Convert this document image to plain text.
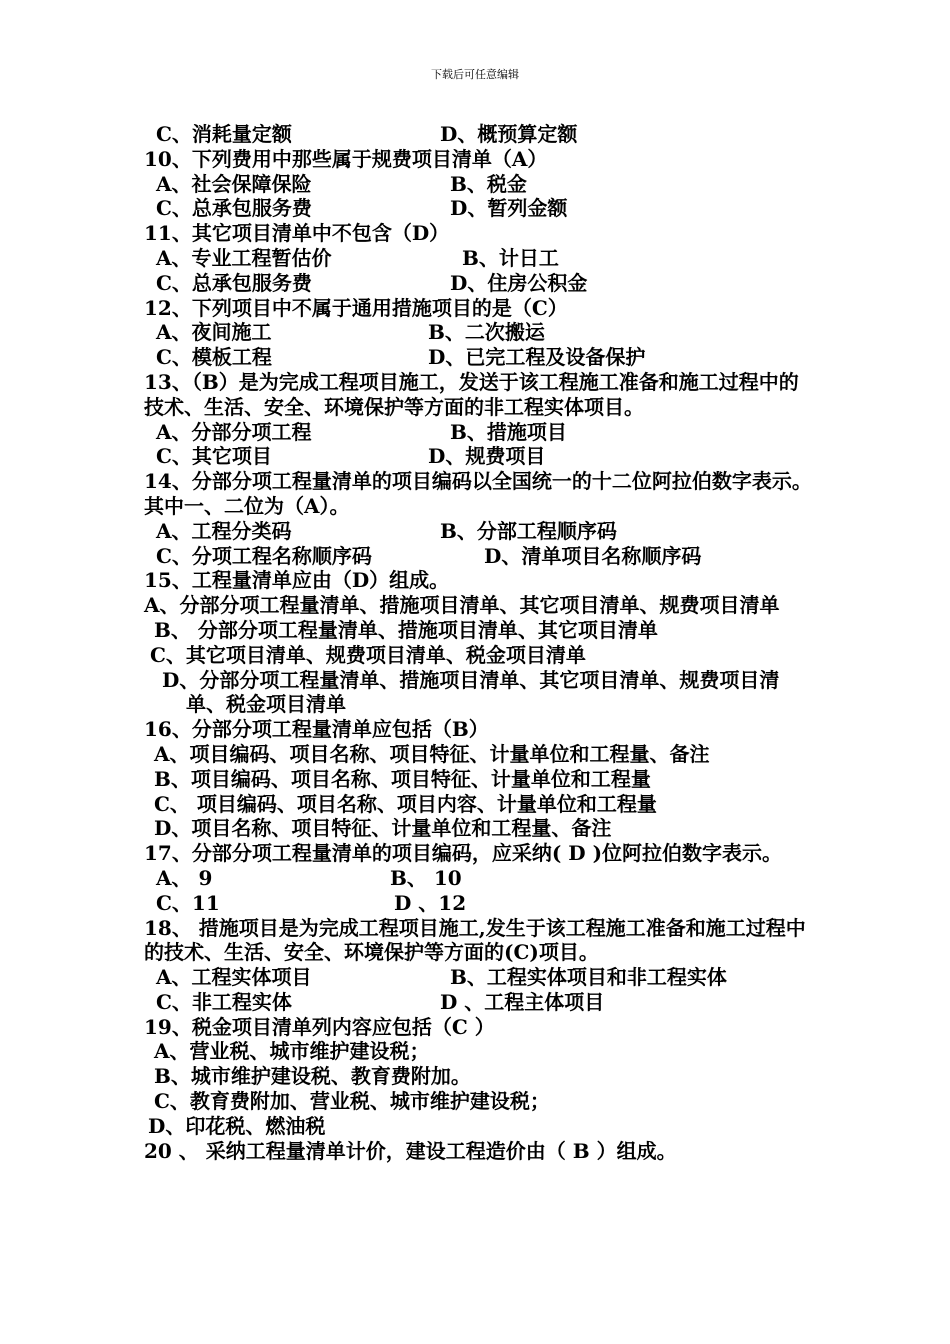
下载后可任意编辑
C、消耗量定额	D、概预算定额
10、下列费用中那些属于规费项目清单（A）
A、社会保障保险	B、税金
C、总承包服务费	D、暂列金额
11、其它项目清单中不包含（D）
A、专业工程暂估价	B、计日工
C、总承包服务费	D、住房公积金
12、下列项目中不属于通用措施项目的是（C）
A、夜间施工	B、二次搬运
C、模板工程	D、已完工程及设备保护
13、（B）是为完成工程项目施工，发送于该工程施工准备和施工过程中的技术、生活、安全、环境保护等方面的非工程实体项目。
A、分部分项工程	B、措施项目
C、其它项目	D、规费项目
14、分部分项工程量清单的项目编码以全国统一的十二位阿拉伯数字表示。其中一、二位为（A）。
A、工程分类码	B、分部工程顺序码
C、分项工程名称顺序码	D、清单项目名称顺序码
15、工程量清单应由（D）组成。
A、分部分项工程量清单、措施项目清单、其它项目清单、规费项目清单
B、 分部分项工程量清单、措施项目清单、其它项目清单
C、其它项目清单、规费项目清单、税金项目清单
D、分部分项工程量清单、措施项目清单、其它项目清单、规费项目清单、税金项目清单
16、分部分项工程量清单应包括（B）
A、项目编码、项目名称、项目特征、计量单位和工程量、备注
B、项目编码、项目名称、项目特征、计量单位和工程量
C、 项目编码、项目名称、项目内容、计量单位和工程量
D、项目名称、项目特征、计量单位和工程量、备注
17、分部分项工程量清单的项目编码，应采纳( D )位阿拉伯数字表示。
A、 9	B、 10
C、11	D 、12
18、 措施项目是为完成工程项目施工,发生于该工程施工准备和施工过程中的技术、生活、安全、环境保护等方面的(C)项目。
A、工程实体项目	B、工程实体项目和非工程实体
C、非工程实体	D 、工程主体项目
19、税金项目清单列内容应包括（C ）
A、营业税、城市维护建设税；
B、城市维护建设税、教育费附加。
C、教育费附加、营业税、城市维护建设税；
D、印花税、燃油税
20 、 采纳工程量清单计价，建设工程造价由（ B ）组成。
